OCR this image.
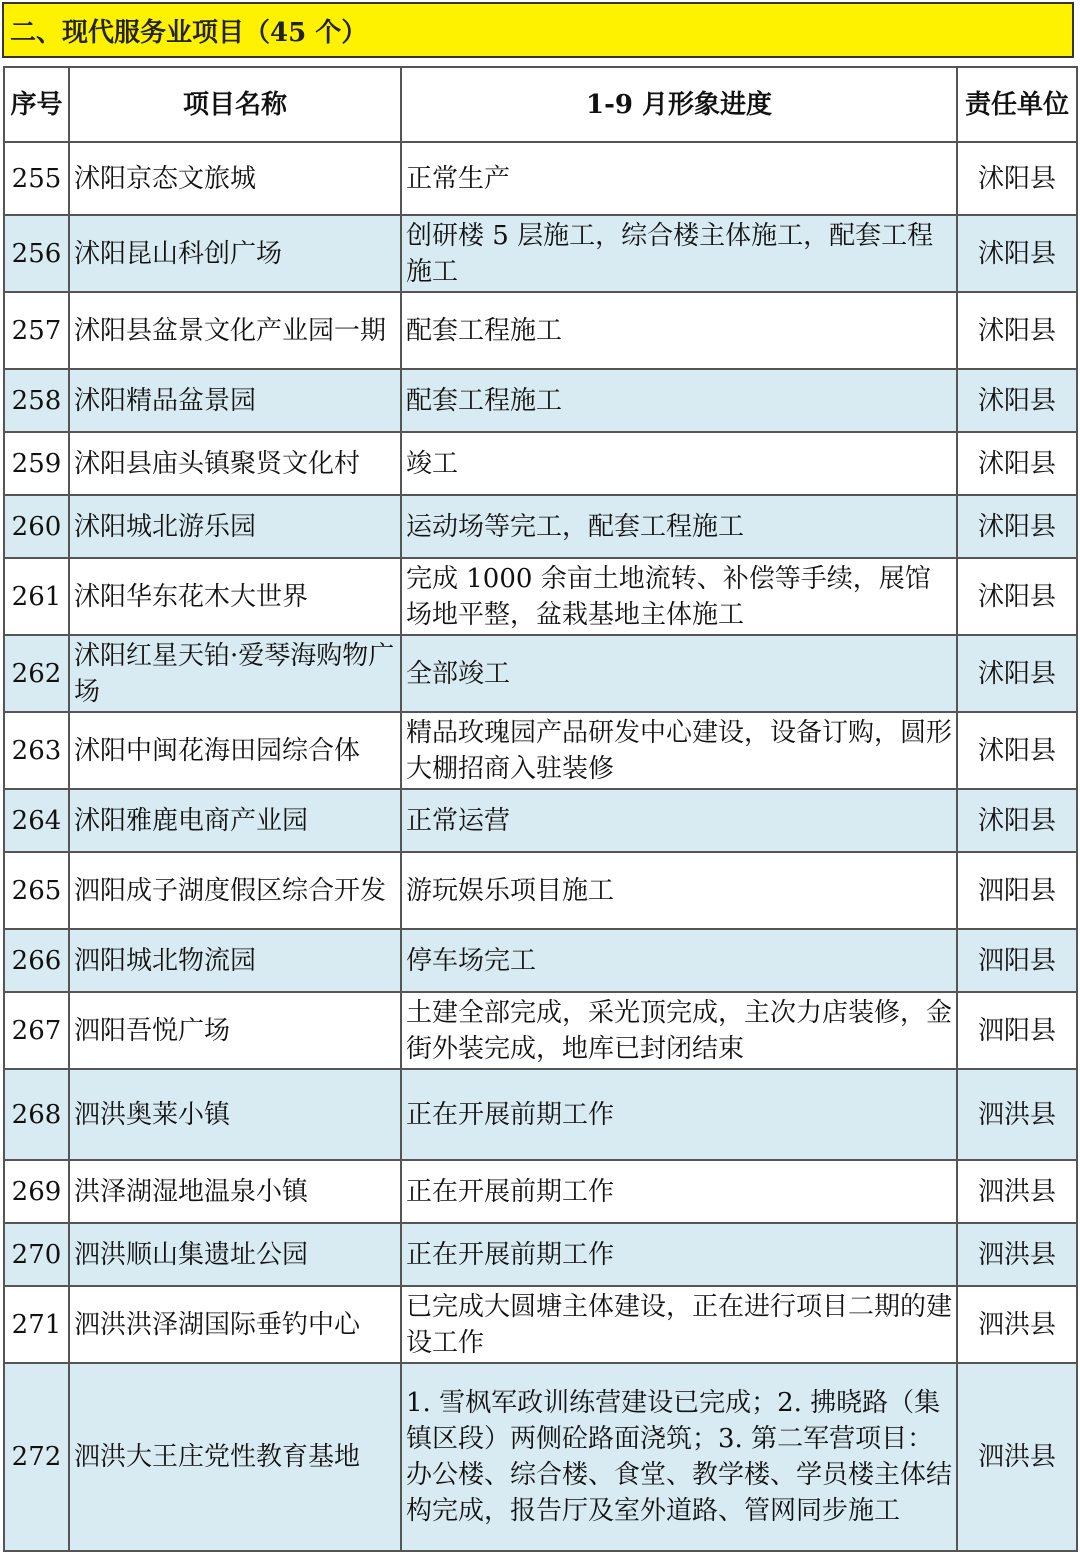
二、现代服务业项目（45 个）
序号	项目名称	1-9 月形象进度	责任单位
255	沭阳京态文旅城	正常生产	沭阳县
256	沭阳昆山科创广场	创研楼 5 层施工，综合楼主体施工，配套工程施工	沭阳县
257	沭阳县盆景文化产业园一期	配套工程施工	沭阳县
258	沭阳精品盆景园	配套工程施工	沭阳县
259	沭阳县庙头镇聚贤文化村	竣工	沭阳县
260	沭阳城北游乐园	运动场等完工，配套工程施工	沭阳县
261	沭阳华东花木大世界	完成 1000 余亩土地流转、补偿等手续，展馆场地平整，盆栽基地主体施工	沭阳县
262	沭阳红星天铂·爱琴海购物广场	全部竣工	沭阳县
263	沭阳中闽花海田园综合体	精品玫瑰园产品研发中心建设，设备订购，圆形大棚招商入驻装修	沭阳县
264	沭阳雅鹿电商产业园	正常运营	沭阳县
265	泗阳成子湖度假区综合开发	游玩娱乐项目施工	泗阳县
266	泗阳城北物流园	停车场完工	泗阳县
267	泗阳吾悦广场	土建全部完成，采光顶完成，主次力店装修，金街外装完成，地库已封闭结束	泗阳县
268	泗洪奥莱小镇	正在开展前期工作	泗洪县
269	洪泽湖湿地温泉小镇	正在开展前期工作	泗洪县
270	泗洪顺山集遗址公园	正在开展前期工作	泗洪县
271	泗洪洪泽湖国际垂钓中心	已完成大圆塘主体建设，正在进行项目二期的建设工作	泗洪县
272	泗洪大王庄党性教育基地	1. 雪枫军政训练营建设已完成；2. 拂晓路（集镇区段）两侧砼路面浇筑；3. 第二军营项目：办公楼、综合楼、食堂、教学楼、学员楼主体结构完成，报告厅及室外道路、管网同步施工	泗洪县
